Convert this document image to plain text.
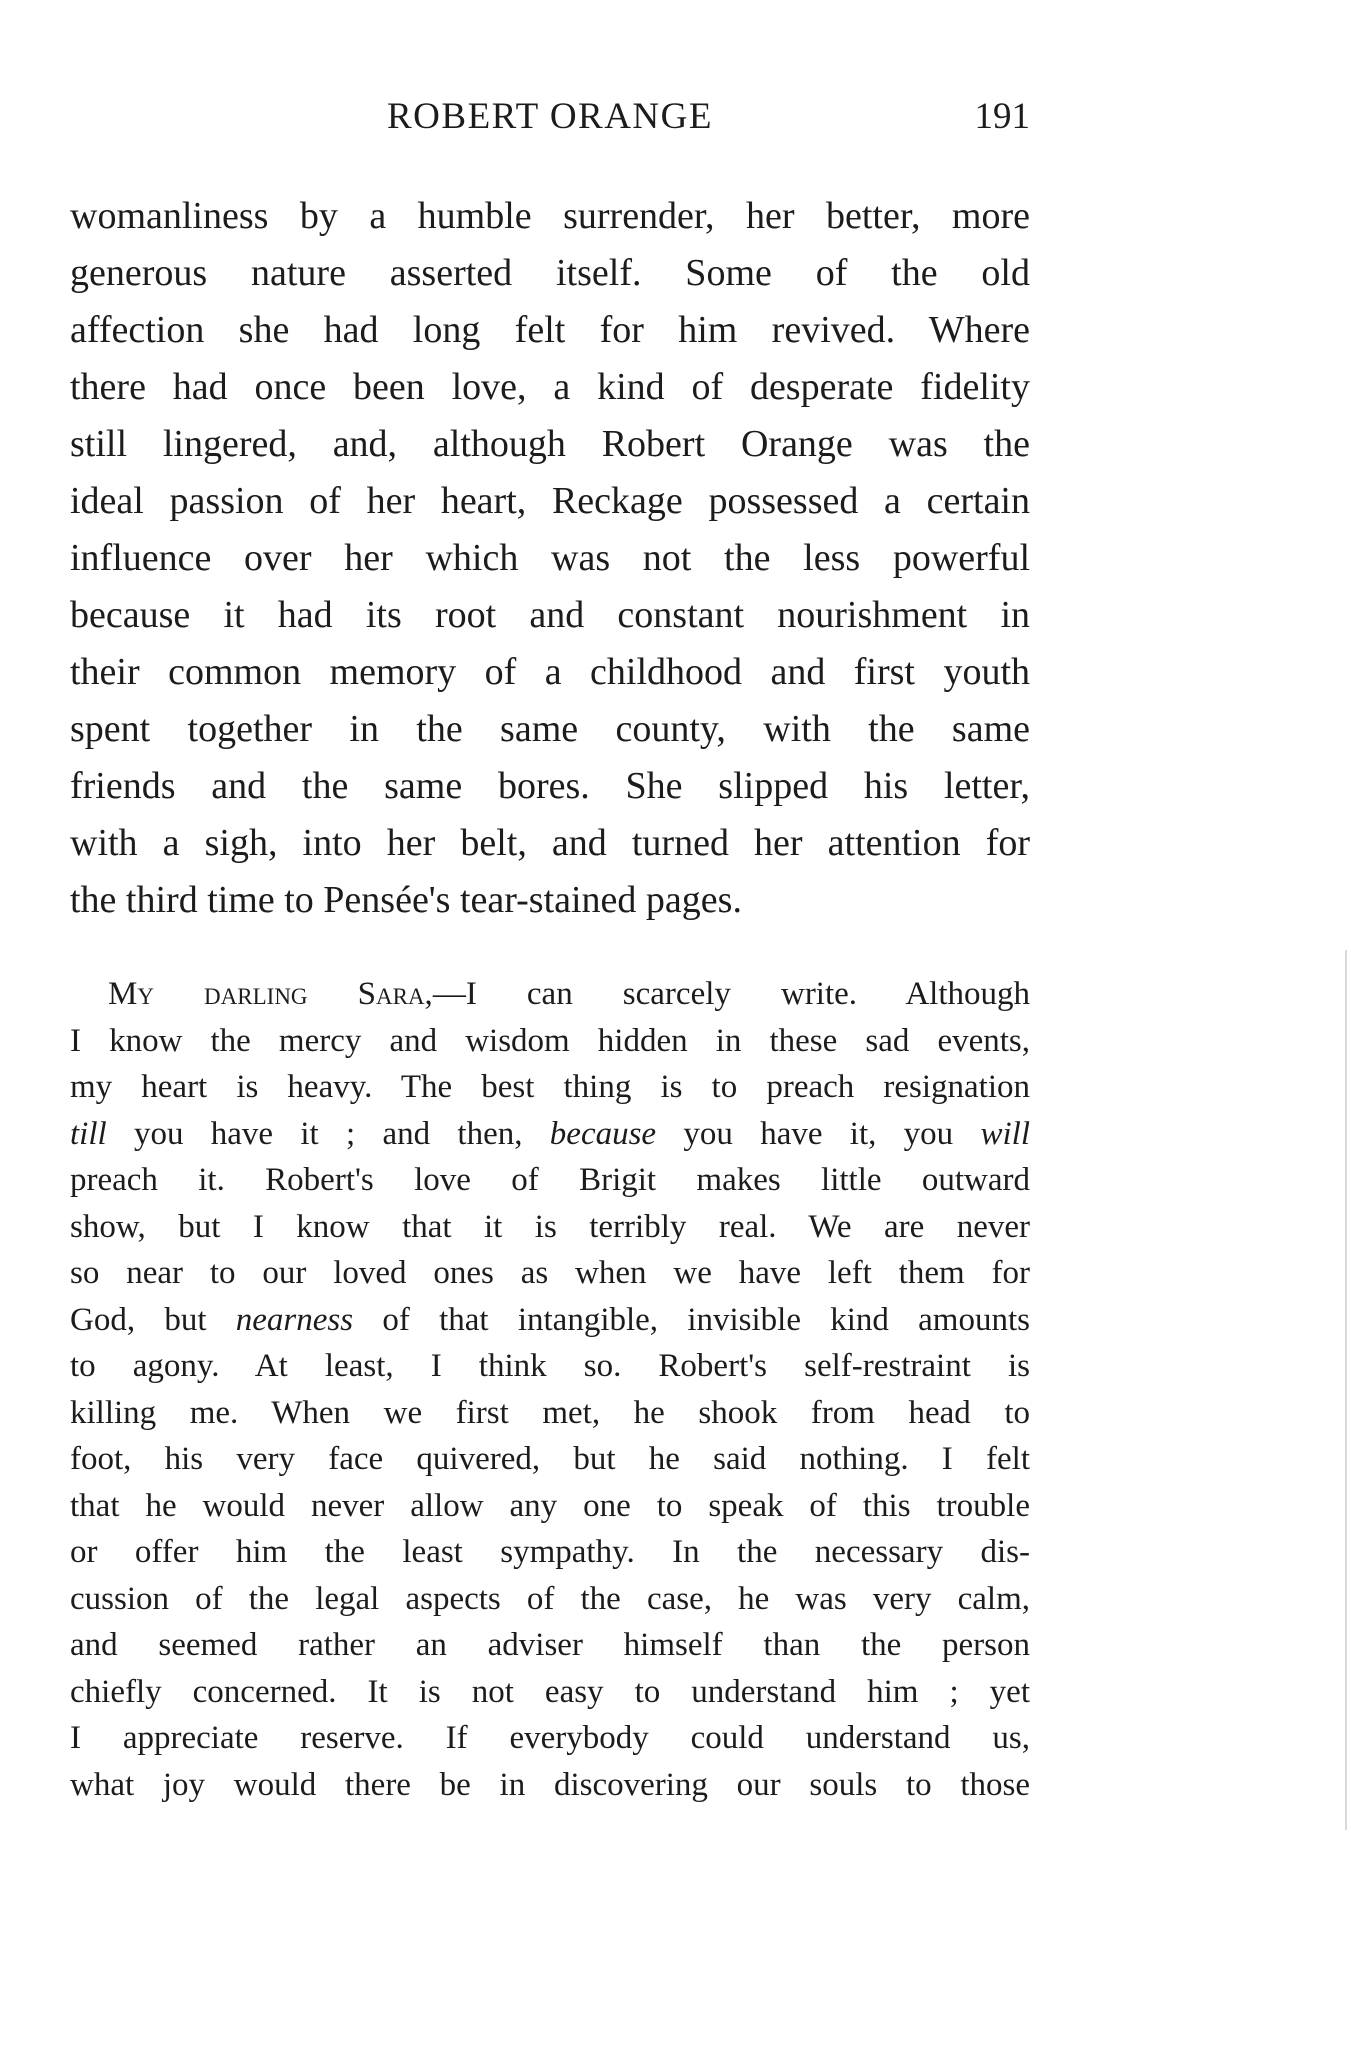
ROBERT ORANGE	191

womanliness by a humble surrender, her better, more
generous nature asserted itself. Some of the old
affection she had long felt for him revived. Where
there had once been love, a kind of desperate fidelity
still lingered, and, although Robert Orange was the
ideal passion of her heart, Reckage possessed a certain
influence over her which was not the less powerful
because it had its root and constant nourishment in
their common memory of a childhood and first youth
spent together in the same county, with the same
friends and the same bores. She slipped his letter,
with a sigh, into her belt, and turned her attention for
the third time to Pensée's tear-stained pages.

My darling Sara,—I can scarcely write. Although
I know the mercy and wisdom hidden in these sad events,
my heart is heavy. The best thing is to preach resignation
till you have it ; and then, because you have it, you will
preach it. Robert's love of Brigit makes little outward
show, but I know that it is terribly real. We are never
so near to our loved ones as when we have left them for
God, but nearness of that intangible, invisible kind amounts
to agony. At least, I think so. Robert's self-restraint is
killing me. When we first met, he shook from head to
foot, his very face quivered, but he said nothing. I felt
that he would never allow any one to speak of this trouble
or offer him the least sympathy. In the necessary dis-
cussion of the legal aspects of the case, he was very calm,
and seemed rather an adviser himself than the person
chiefly concerned. It is not easy to understand him ; yet
I appreciate reserve. If everybody could understand us,
what joy would there be in discovering our souls to those
